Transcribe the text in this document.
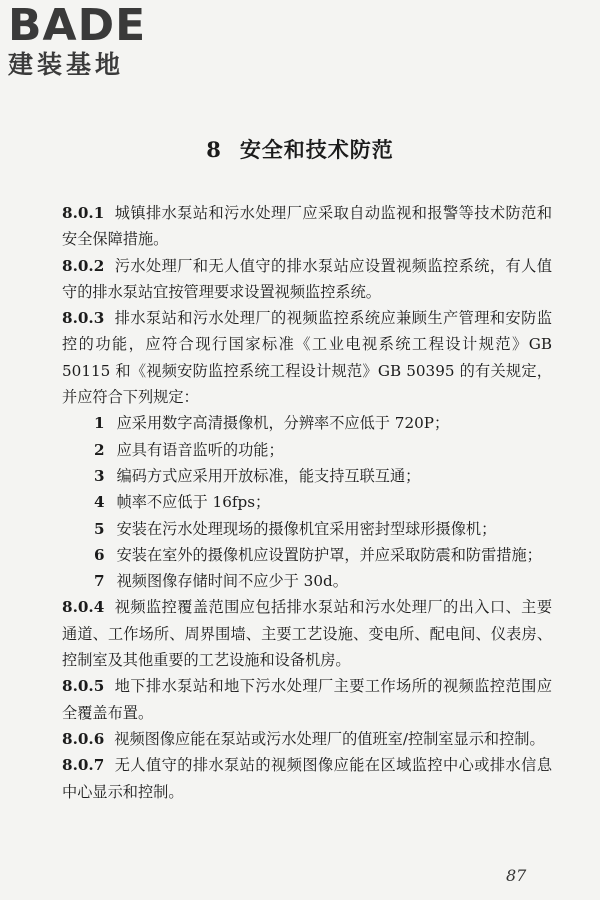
BADE
建装基地
8 安全和技术防范

8.0.1 城镇排水泵站和污水处理厂应采取自动监视和报警等技术防范和安全保障措施。

8.0.2 污水处理厂和无人值守的排水泵站应设置视频监控系统，有人值守的排水泵站宜按管理要求设置视频监控系统。

8.0.3 排水泵站和污水处理厂的视频监控系统应兼顾生产管理和安防监控的功能，应符合现行国家标准《工业电视系统工程设计规范》GB 50115 和《视频安防监控系统工程设计规范》GB 50395 的有关规定，并应符合下列规定：

1 应采用数字高清摄像机，分辨率不应低于 720P；

2 应具有语音监听的功能；

3 编码方式应采用开放标准，能支持互联互通；

4 帧率不应低于 16fps；

5 安装在污水处理现场的摄像机宜采用密封型球形摄像机；

6 安装在室外的摄像机应设置防护罩，并应采取防震和防雷措施；

7 视频图像存储时间不应少于 30d。

8.0.4 视频监控覆盖范围应包括排水泵站和污水处理厂的出入口、主要通道、工作场所、周界围墙、主要工艺设施、变电所、配电间、仪表房、控制室及其他重要的工艺设施和设备机房。

8.0.5 地下排水泵站和地下污水处理厂主要工作场所的视频监控范围应全覆盖布置。

8.0.6 视频图像应能在泵站或污水处理厂的值班室/控制室显示和控制。

8.0.7 无人值守的排水泵站的视频图像应能在区域监控中心或排水信息中心显示和控制。

87
